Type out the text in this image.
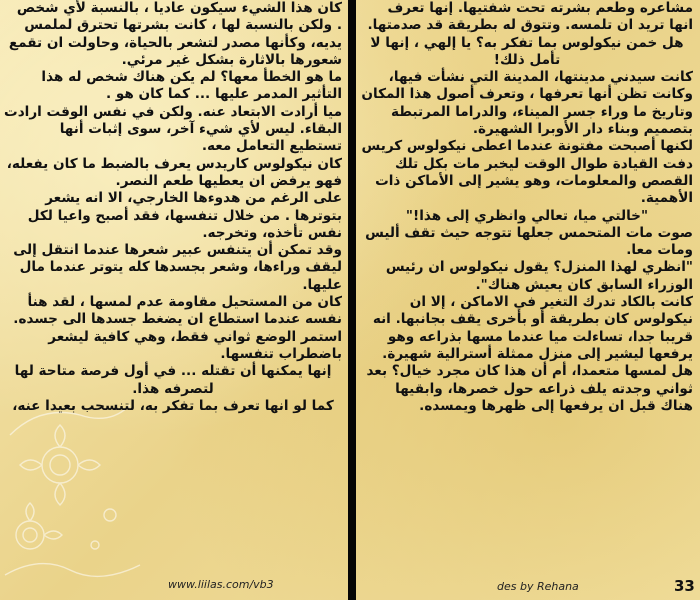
كان هذا الشيء سيكون عاديا ، بالنسبة لأي شخص

. ولكن بالنسبة لها ، كانت بشرتها تحترق لملمس يديه، وكأنها مصدر لتشعر بالحياة، وحاولت ان تقمع شعورها بالاثارة بشكل غير مرئي.

ما هو الخطأ معها؟ لم يكن هناك شخص له هذا التأثير المدمر عليها ... كما كان هو .

ميا أرادت الابتعاد عنه. ولكن في نفس الوقت ارادت البقاء. ليس لأي شيء آخر، سوى إثبات أنها تستطيع التعامل معه.

كان نيكولوس كاريدس يعرف بالضبط ما كان يفعله، فهو يرفض ان يعطيها طعم النصر.

على الرغم من هدوءها الخارجي، الا انه يشعر بتوترها . من خلال تنفسها، فقد أصبح واعيا لكل نفس تأخذه، وتخرجه.

وقد تمكن أن يتنفس عبير شعرها عندما انتقل إلى ليقف وراءها، وشعر بجسدها كله يتوتر عندما مال عليها.

كان من المستحيل مقاومة عدم لمسها ، لقد هنأ نفسه عندما استطاع ان يضغط جسدها الى جسده.

استمر الوضع ثواني فقط، وهي كافية ليشعر باضطراب تنفسها.

إنها يمكنها أن تقتله ... في أول فرصة متاحة لها لتصرفه هذا.

كما لو انها تعرف بما تفكر به، لتنسحب بعيدا عنه،

مشاعره وطعم بشرته تحت شفتيها. إنها تعرف انها تريد ان تلمسه. وتتوق له بطريقة قد صدمتها.

هل خمن نيكولوس بما تفكر به؟ يا إلهي ، إنها لا تأمل ذلك!

كانت سيدني مدينتها، المدينة التي نشأت فيها، وكانت تظن أنها تعرفها ، وتعرف أصول هذا المكان وتاريخ ما وراء جسر الميناء، والدراما المرتبطة بتصميم وبناء دار الأوبرا الشهيرة.

لكنها أصبحت مفتونة عندما اعطى نيكولوس كريس دفت القيادة طوال الوقت ليخبر مات بكل تلك القصص والمعلومات، وهو يشير إلى الأماكن ذات الأهمية.

"خالتي ميا، تعالي وانظري إلى هذا!"

صوت مات المتحمس جعلها تتوجه حيث تقف أليس ومات معا.

"انظري لهذا المنزل؟ يقول نيكولوس ان رئيس الوزراء السابق كان يعيش هناك".

كانت بالكاد تدرك التغير في الاماكن ، إلا ان نيكولوس كان بطريقة أو بأخرى يقف بجانبها. انه قريبا جدا، تساءلت ميا عندما مسها بذراعه وهو يرفعها ليشير إلى منزل ممثلة أسترالية شهيرة.

هل لمسها متعمدا، أم أن هذا كان مجرد خيال؟ بعد ثواني وجدته يلف ذراعه حول خصرها، وابقيها هناك قبل ان يرفعها إلى ظهرها ويمسده.

www.liilas.com/vb3	des by Rehana	33
